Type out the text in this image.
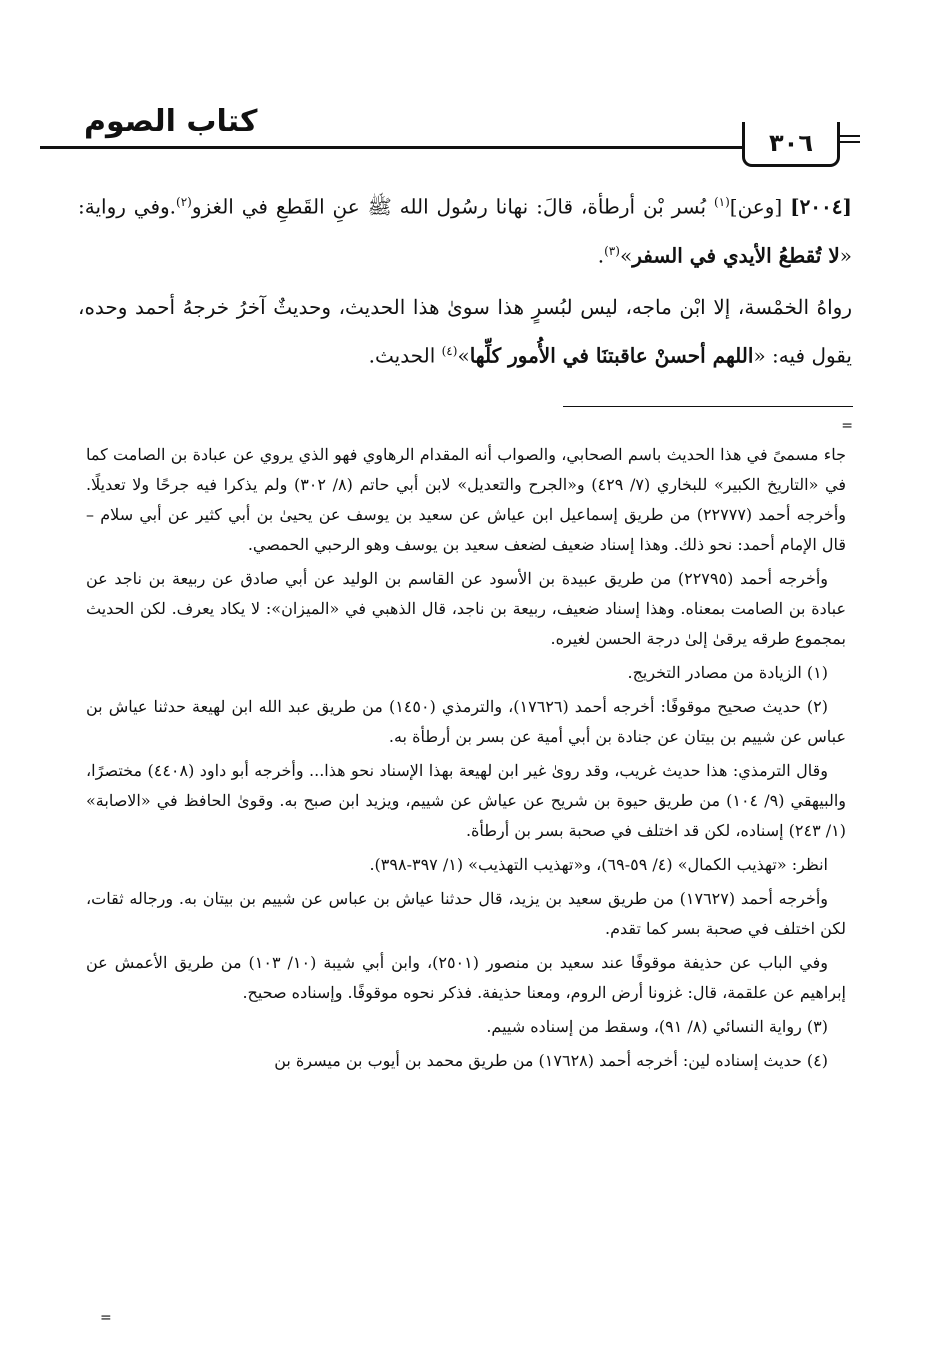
كتاب الصوم
٣٠٦

[٢٠٠٤] [وعن]$^{(١)}$ بُسر بْن أرطأة، قالَ: نهانا رسُول الله ﷺ عنِ القَطعِ في الغزو$^{(٢)}$.وفي رواية: «لا تُقطعُ الأيدي في السفر»$^{(٣)}$.

رواهُ الخمْسة، إلا ابْن ماجه، ليس لبُسرٍ هذا سوىٰ هذا الحديث، وحديثٌ آخرُ خرجهُ أحمد وحده، يقول فيه: «اللهم أحسنْ عاقبتنَا في الأُمور كلِّها»$^{(٤)}$ الحديث.

=

جاء مسمىً في هذا الحديث باسم الصحابي، والصواب أنه المقدام الرهاوي فهو الذي يروي عن عبادة بن الصامت كما في «التاريخ الكبير» للبخاري (٧/ ٤٢٩) و«الجرح والتعديل» لابن أبي حاتم (٨/ ٣٠٢) ولم يذكرا فيه جرحًا ولا تعديلًا. وأخرجه أحمد (٢٢٧٧٧) من طريق إسماعيل ابن عياش عن سعيد بن يوسف عن يحيىٰ بن أبي كثير عن أبي سلام – قال الإمام أحمد: نحو ذلك. وهذا إسناد ضعيف لضعف سعيد بن يوسف وهو الرحبي الحمصي.

وأخرجه أحمد (٢٢٧٩٥) من طريق عبيدة بن الأسود عن القاسم بن الوليد عن أبي صادق عن ربيعة بن ناجد عن عبادة بن الصامت بمعناه. وهذا إسناد ضعيف، ربيعة بن ناجد، قال الذهبي في «الميزان»: لا يكاد يعرف. لكن الحديث بمجموع طرقه يرقىٰ إلىٰ درجة الحسن لغيره.

(١) الزيادة من مصادر التخريج.

(٢) حديث صحيح موقوفًا: أخرجه أحمد (١٧٦٢٦)، والترمذي (١٤٥٠) من طريق عبد الله ابن لهيعة حدثنا عياش بن عباس عن شييم بن بيتان عن جنادة بن أبي أمية عن بسر بن أرطأة به.

وقال الترمذي: هذا حديث غريب، وقد روىٰ غير ابن لهيعة بهذا الإسناد نحو هذا... وأخرجه أبو داود (٤٤٠٨) مختصرًا، والبيهقي (٩/ ١٠٤) من طريق حيوة بن شريح عن عياش عن شييم، ويزيد ابن صبح به. وقوىٰ الحافظ في «الاصابة» (١/ ٢٤٣) إسناده، لكن قد اختلف في صحبة بسر بن أرطأة.

انظر: «تهذيب الكمال» (٤/ ٥٩-٦٩)، و«تهذيب التهذيب» (١/ ٣٩٧-٣٩٨).

وأخرجه أحمد (١٧٦٢٧) من طريق سعيد بن يزيد، قال حدثنا عياش بن عباس عن شييم بن بيتان به. ورجاله ثقات، لكن اختلف في صحبة بسر كما تقدم.

وفي الباب عن حذيفة موقوفًا عند سعيد بن منصور (٢٥٠١)، وابن أبي شيبة (١٠/ ١٠٣) من طريق الأعمش عن إبراهيم عن علقمة، قال: غزونا أرض الروم، ومعنا حذيفة. فذكر نحوه موقوفًا. وإسناده صحيح.

(٣) رواية النسائي (٨/ ٩١)، وسقط من إسناده شييم.

(٤) حديث إسناده لين: أخرجه أحمد (١٧٦٢٨) من طريق محمد بن أيوب بن ميسرة بن

=
